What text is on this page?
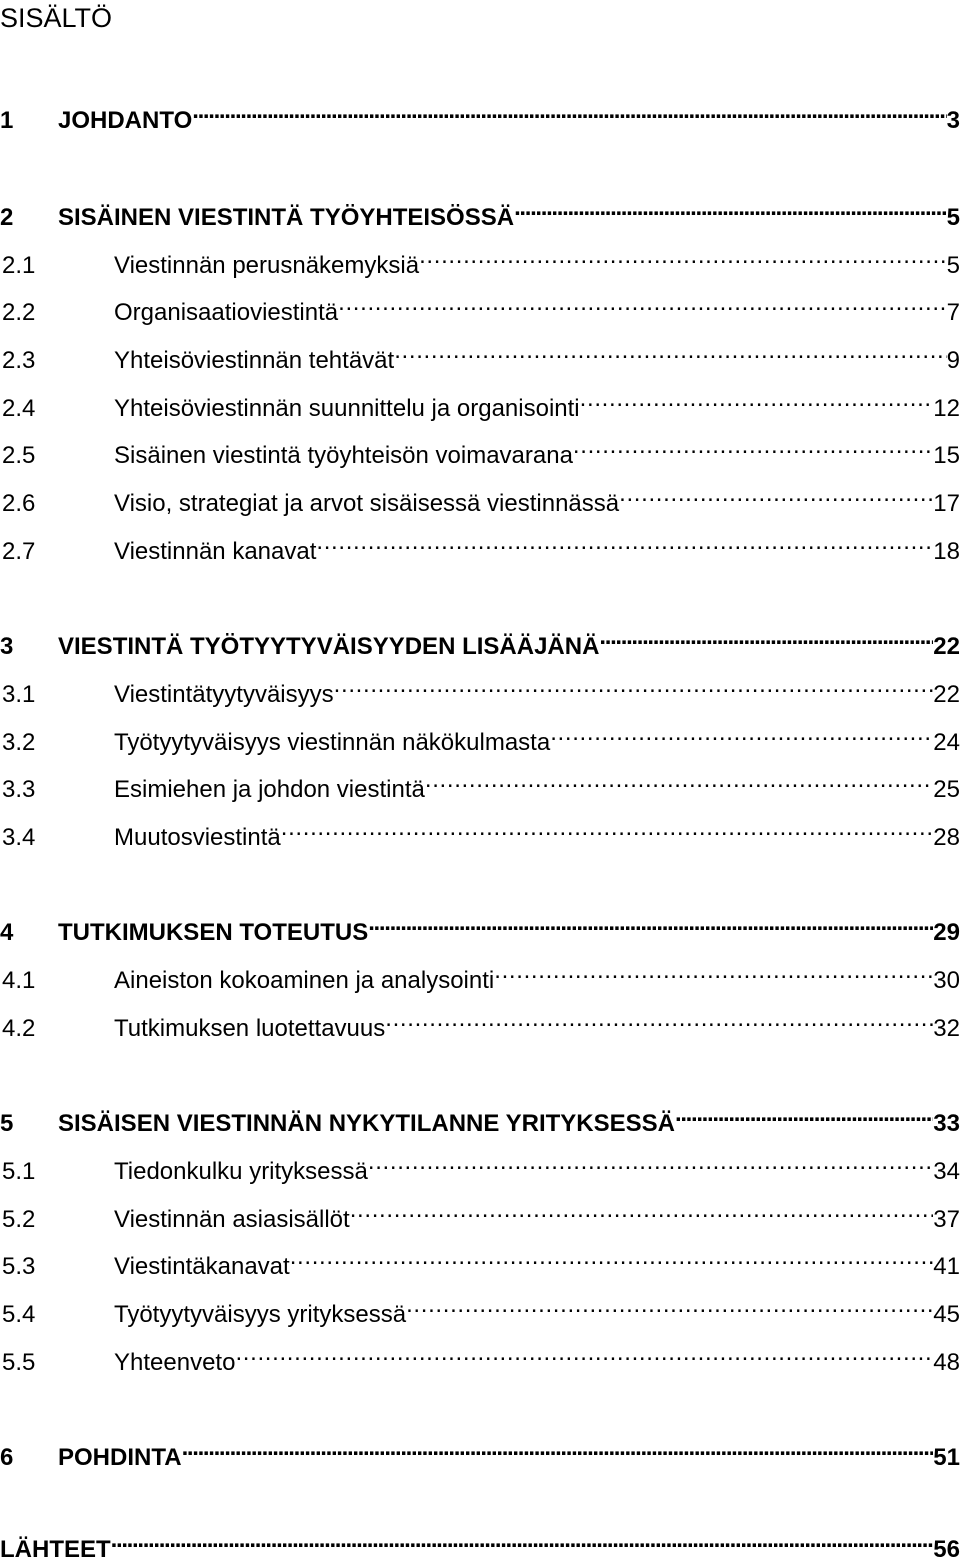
SISÄLTÖ
1	JOHDANTO . . .	3
2	SISÄINEN VIESTINTÄ TYÖYHTEISÖSSÄ . . .	5
2.1	Viestinnän perusnäkemyksiä . . .	5
2.2	Organisaatioviestintä . . .	7
2.3	Yhteisöviestinnän tehtävät . . .	9
2.4	Yhteisöviestinnän suunnittelu ja organisointi . . .	12
2.5	Sisäinen viestintä työyhteisön voimavarana . . .	15
2.6	Visio, strategiat ja arvot sisäisessä viestinnässä . . .	17
2.7	Viestinnän kanavat . . .	18
3	VIESTINTÄ TYÖTYYTYVÄISYYDEN LISÄÄJÄNÄ . . .	22
3.1	Viestintätyytyväisyys . . .	22
3.2	Työtyytyväisyys viestinnän näkökulmasta . . .	24
3.3	Esimiehen ja johdon viestintä . . .	25
3.4	Muutosviestintä . . .	28
4	TUTKIMUKSEN TOTEUTUS . . .	29
4.1	Aineiston kokoaminen ja analysointi . . .	30
4.2	Tutkimuksen luotettavuus . . .	32
5	SISÄISEN VIESTINNÄN NYKYTILANNE YRITYKSESSÄ . . .	33
5.1	Tiedonkulku yrityksessä . . .	34
5.2	Viestinnän asiasisällöt . . .	37
5.3	Viestintäkanavat . . .	41
5.4	Työtyytyväisyys yrityksessä . . .	45
5.5	Yhteenveto . . .	48
6	POHDINTA . . .	51
LÄHTEET . . .	56
